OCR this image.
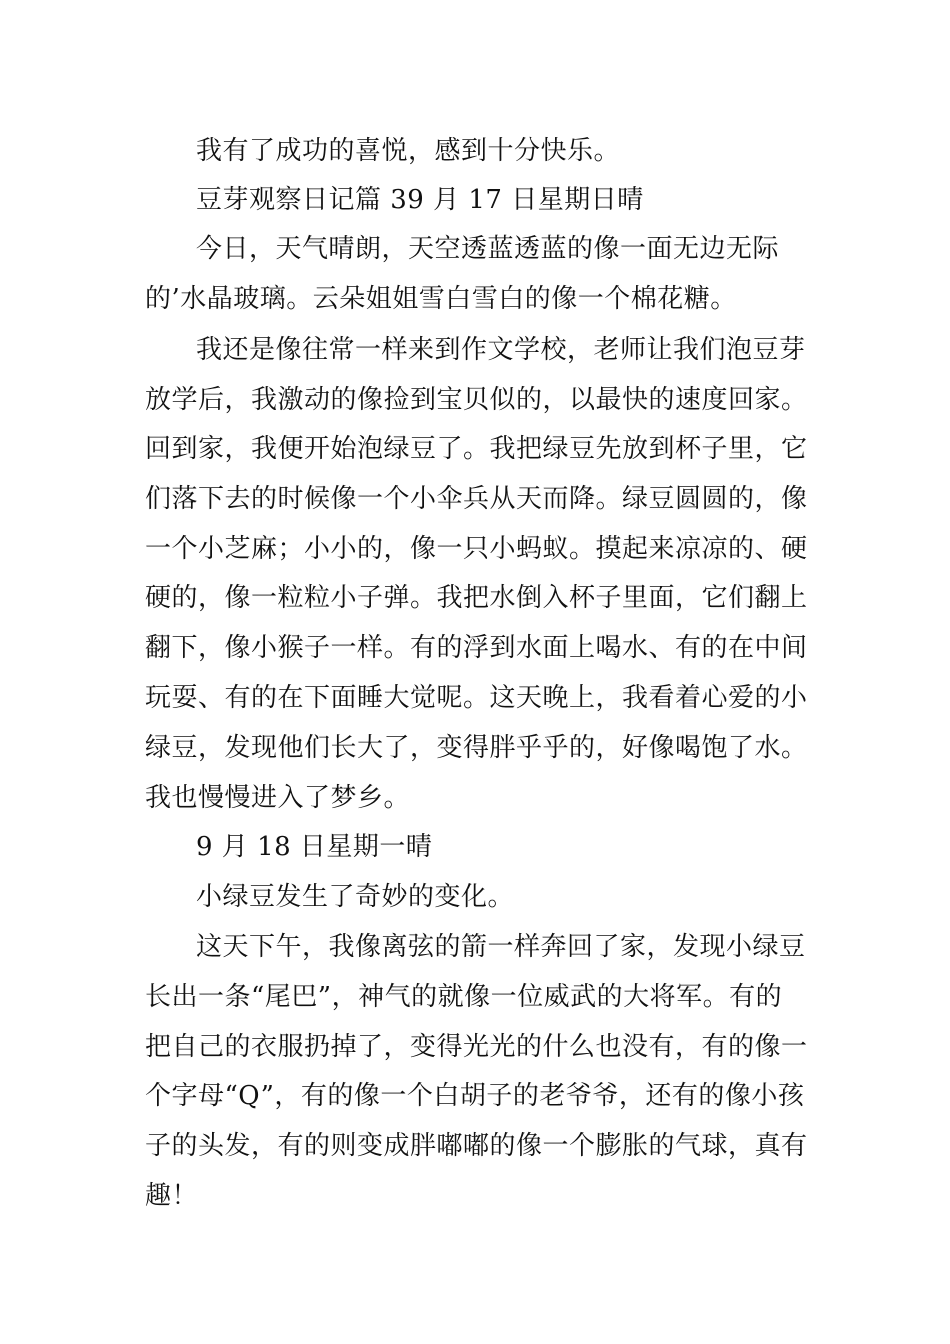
我有了成功的喜悦，感到十分快乐。
豆芽观察日记篇 39 月 17 日星期日晴
今日，天气晴朗，天空透蓝透蓝的像一面无边无际
的’水晶玻璃。云朵姐姐雪白雪白的像一个棉花糖。
我还是像往常一样来到作文学校，老师让我们泡豆芽
放学后，我激动的像捡到宝贝似的，以最快的速度回家。
回到家，我便开始泡绿豆了。我把绿豆先放到杯子里，它
们落下去的时候像一个小伞兵从天而降。绿豆圆圆的，像
一个小芝麻；小小的，像一只小蚂蚁。摸起来凉凉的、硬
硬的，像一粒粒小子弹。我把水倒入杯子里面，它们翻上
翻下，像小猴子一样。有的浮到水面上喝水、有的在中间
玩耍、有的在下面睡大觉呢。这天晚上，我看着心爱的小
绿豆，发现他们长大了，变得胖乎乎的，好像喝饱了水。
我也慢慢进入了梦乡。
9 月 18 日星期一晴
小绿豆发生了奇妙的变化。
这天下午，我像离弦的箭一样奔回了家，发现小绿豆
长出一条“尾巴”，神气的就像一位威武的大将军。有的
把自己的衣服扔掉了，变得光光的什么也没有，有的像一
个字母“Q”，有的像一个白胡子的老爷爷，还有的像小孩
子的头发，有的则变成胖嘟嘟的像一个膨胀的气球，真有
趣！
